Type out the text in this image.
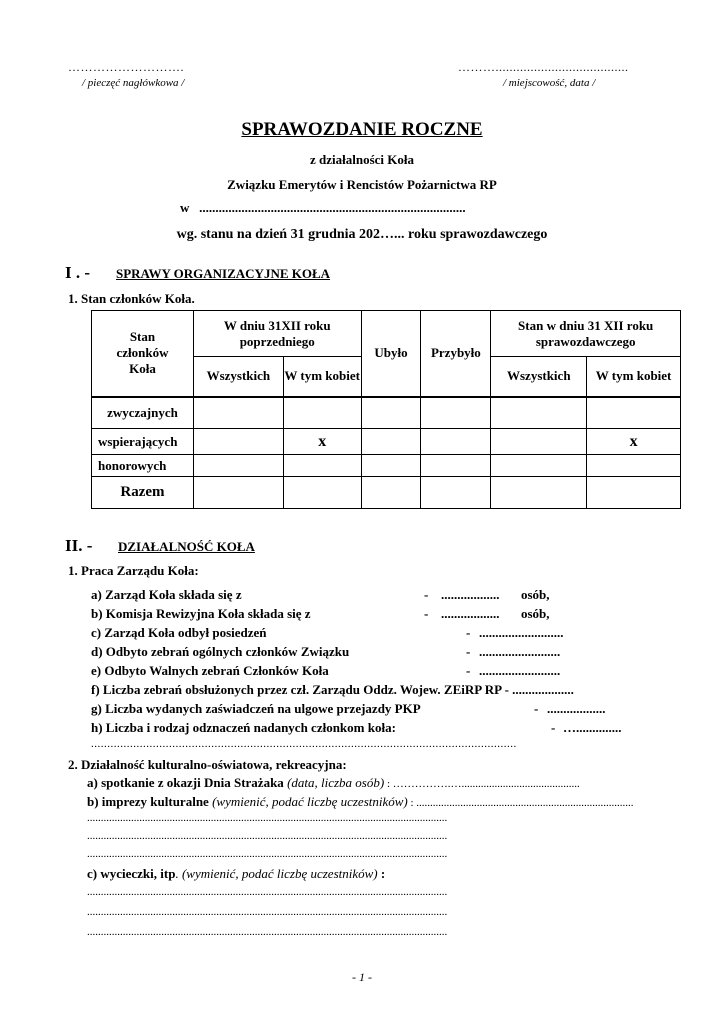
……………………….
/ pieczęć nagłówkowa /
………......................................
/ miejscowość, data /
SPRAWOZDANIE ROCZNE
z działalności Koła
Związku Emerytów i Rencistów Pożarnictwa RP
w ..................................................................................
wg. stanu na dzień 31 grudnia 202…... roku sprawozdawczego
I . - SPRAWY ORGANIZACYJNE KOŁA
1. Stan członków Koła.
Stan członków Koła	W dniu 31XII roku poprzedniego		Ubyło	Przybyło	Stan w dniu 31 XII roku sprawozdawczego	
	Wszystkich	W tym kobiet			Wszystkich	W tym kobiet
zwyczajnych						
wspierających		x				x
honorowych						
Razem						
II. - DZIAŁALNOŚĆ KOŁA
1. Praca Zarządu Koła:
a) Zarząd Koła składa się z	- .................. osób,
b) Komisja Rewizyjna Koła składa się z	- .................. osób,
c) Zarząd Koła odbył posiedzeń	- ..........................
d) Odbyto zebrań ogólnych członków Związku	- .........................
e) Odbyto Walnych zebrań Członków Koła	- .........................
f) Liczba zebrań obsłużonych przez czł. Zarządu Oddz. Wojew. ZEiRP RP - ...................
g) Liczba wydanych zaświadczeń na ulgowe przejazdy PKP	- ..................
h) Liczba i rodzaj odznaczeń nadanych członkom koła:	- …..............
...................................................................................................................................
2. Działalność kulturalno-oświatowa, rekreacyjna:
a) spotkanie z okazji Dnia Strażaka (data, liczba osób) : …………….…...........................................
b) imprezy kulturalne (wymienić, podać liczbę uczestników) : ...............................................................................
...................................................................................................................................
...................................................................................................................................
...................................................................................................................................
c) wycieczki, itp. (wymienić, podać liczbę uczestników) :
...................................................................................................................................
...................................................................................................................................
...................................................................................................................................
- 1 -
